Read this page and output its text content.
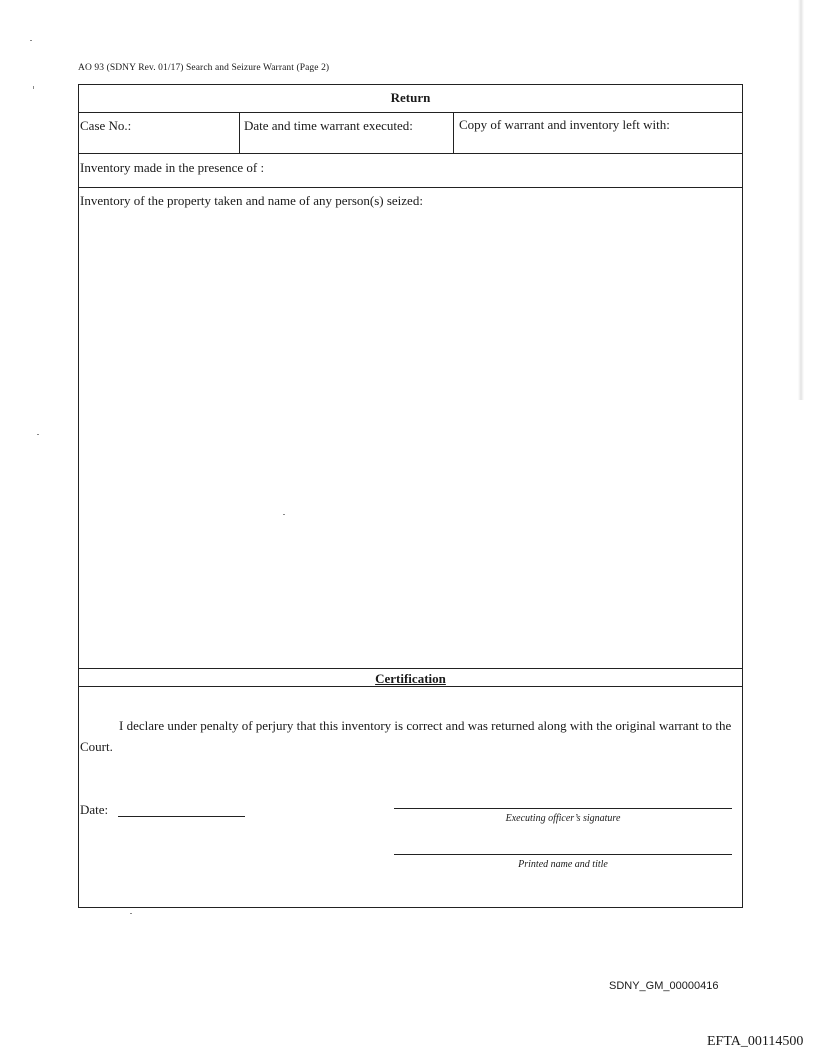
AO 93 (SDNY Rev. 01/17) Search and Seizure Warrant (Page 2)
Return
Case No.:	Date and time warrant executed:	Copy of warrant and inventory left with:
Inventory made in the presence of :
Inventory of the property taken and name of any person(s) seized:
Certification
I declare under penalty of perjury that this inventory is correct and was returned along with the original warrant to the Court.
Date:
Executing officer’s signature
Printed name and title
SDNY_GM_00000416
EFTA_00114500
